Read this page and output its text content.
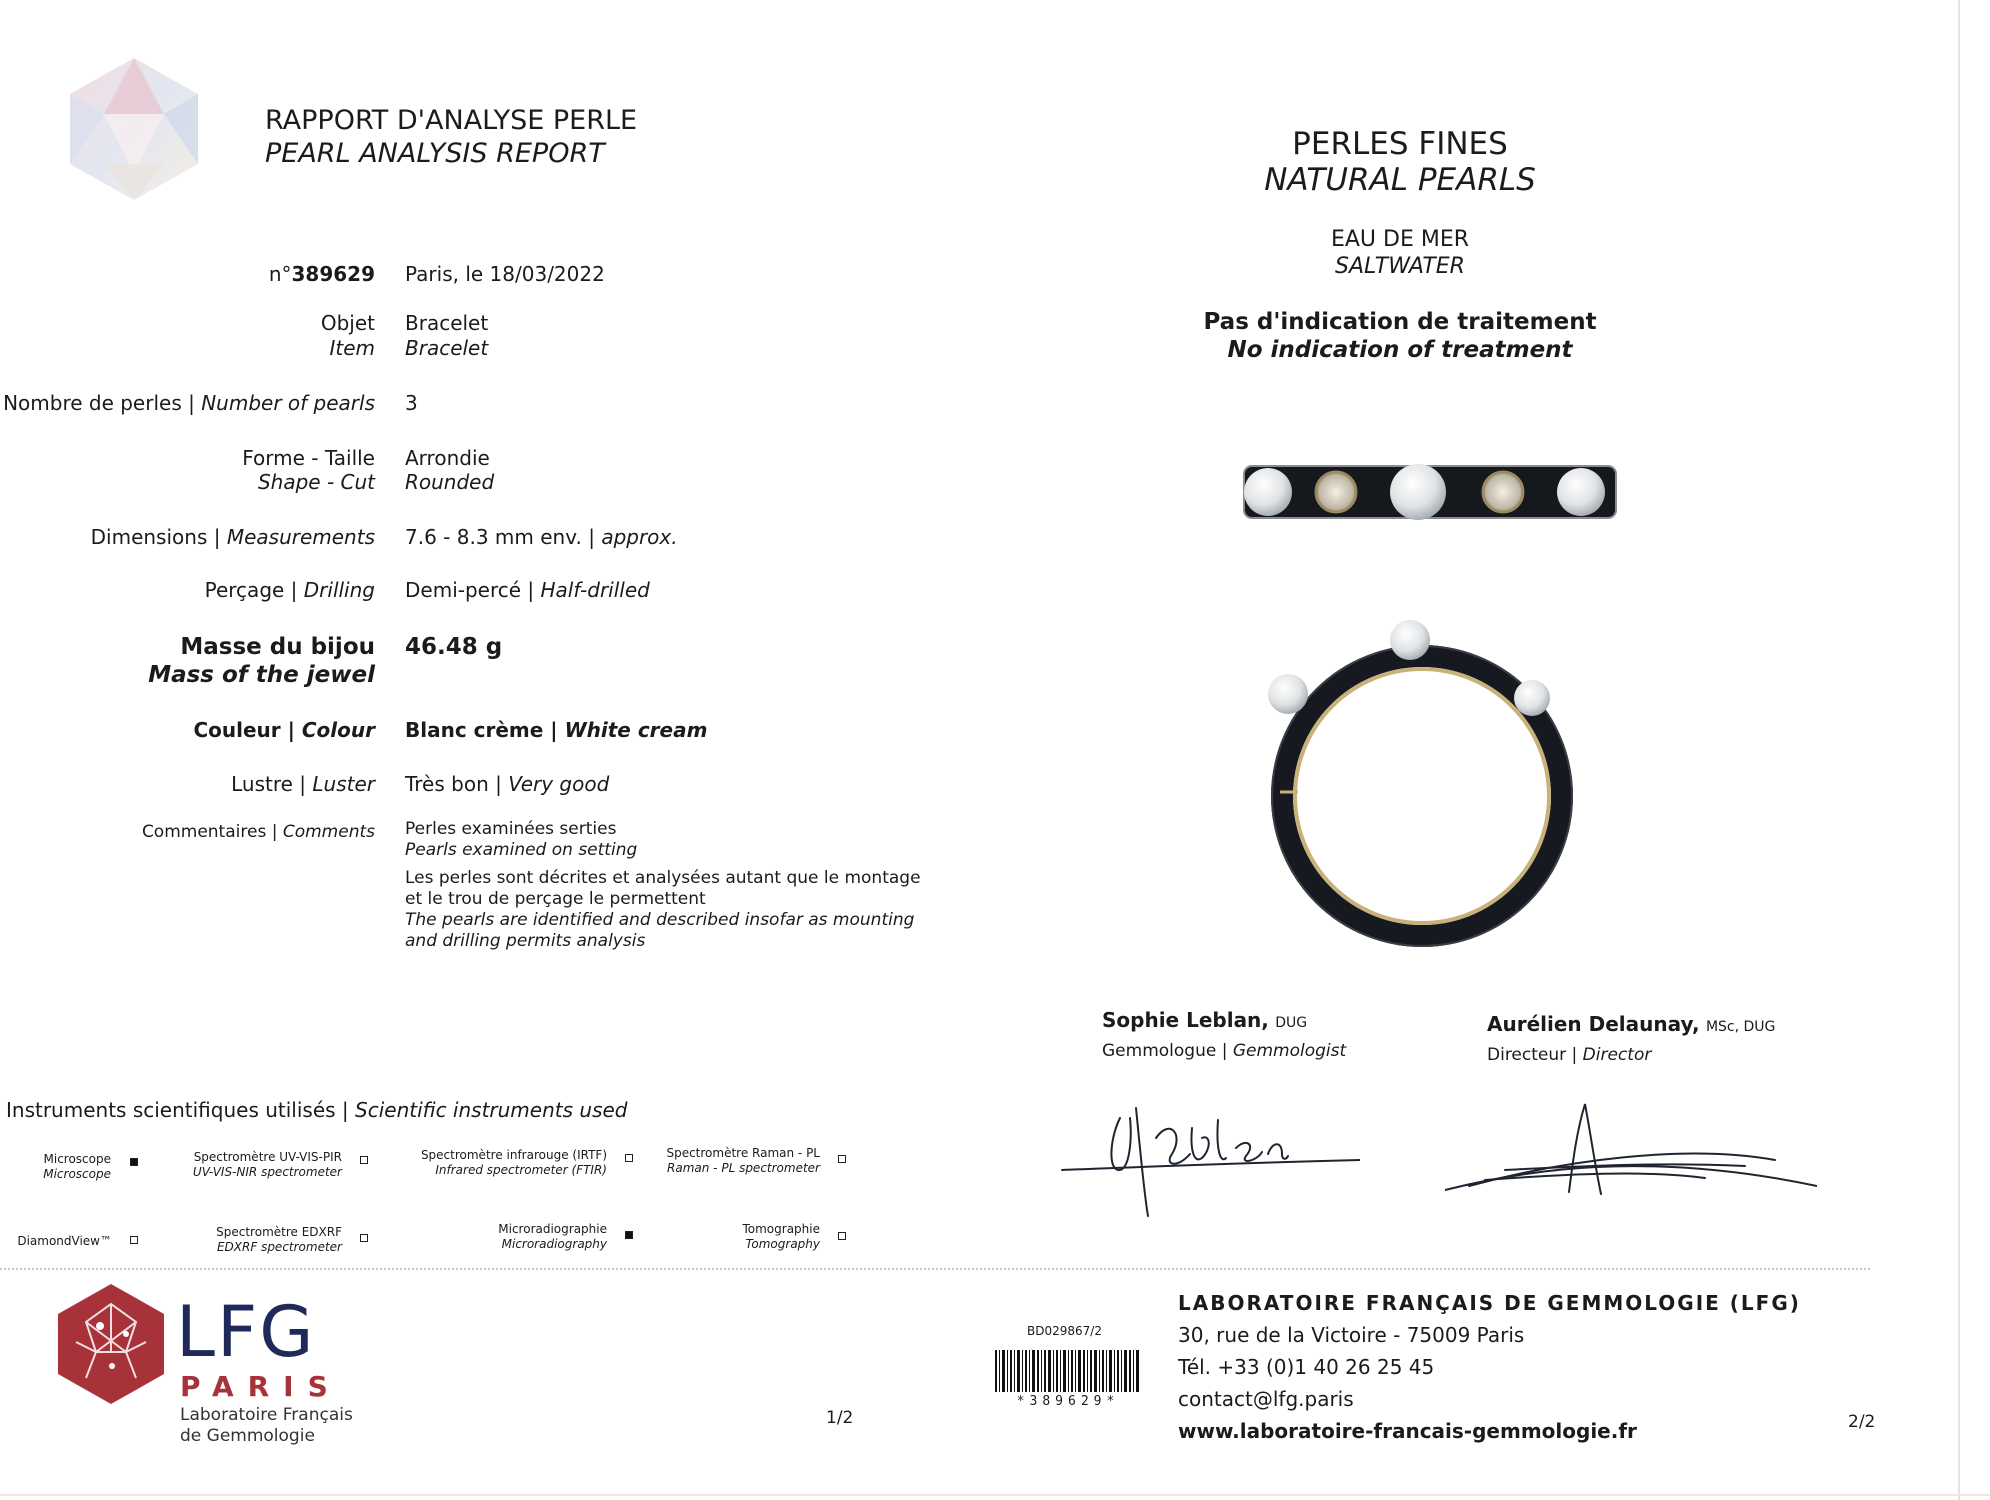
RAPPORT D'ANALYSE PERLE
PEARL ANALYSIS REPORT
n°389629 Paris, le 18/03/2022
Objet
Item
Bracelet
Bracelet
Nombre de perles | Number of pearls 3
Forme - Taille
Shape - Cut
Arrondie
Rounded
Dimensions | Measurements 7.6 - 8.3 mm env. | approx.
Perçage | Drilling Demi-percé | Half-drilled
Masse du bijou
Mass of the jewel
46.48 g
Couleur | Colour Blanc crème | White cream
Lustre | Luster Très bon | Very good
Commentaires | Comments Perles examinées serties
Pearls examined on setting
Les perles sont décrites et analysées autant que le montage
et le trou de perçage le permettent
The pearls are identified and described insofar as mounting
and drilling permits analysis
PERLES FINES
NATURAL PEARLS
EAU DE MER
SALTWATER
Pas d'indication de traitement
No indication of treatment
Sophie Leblan, DUG
Gemmologue | Gemmologist
Aurélien Delaunay, MSc, DUG
Directeur | Director
Instruments scientifiques utilisés | Scientific instruments used
Microscope
Microscope
Spectromètre UV-VIS-PIR
UV-VIS-NIR spectrometer
Spectromètre infrarouge (IRTF)
Infrared spectrometer (FTIR)
Spectromètre Raman - PL
Raman - PL spectrometer
DiamondView™
Spectromètre EDXRF
EDXRF spectrometer
Microradiographie
Microradiography
Tomographie
Tomography
LFG
PARIS
Laboratoire Français
de Gemmologie
1/2
BD029867/2
*389629*
LABORATOIRE FRANÇAIS DE GEMMOLOGIE (LFG)
30, rue de la Victoire - 75009 Paris
Tél. +33 (0)1 40 26 25 45
contact@lfg.paris
www.laboratoire-francais-gemmologie.fr	2/2
